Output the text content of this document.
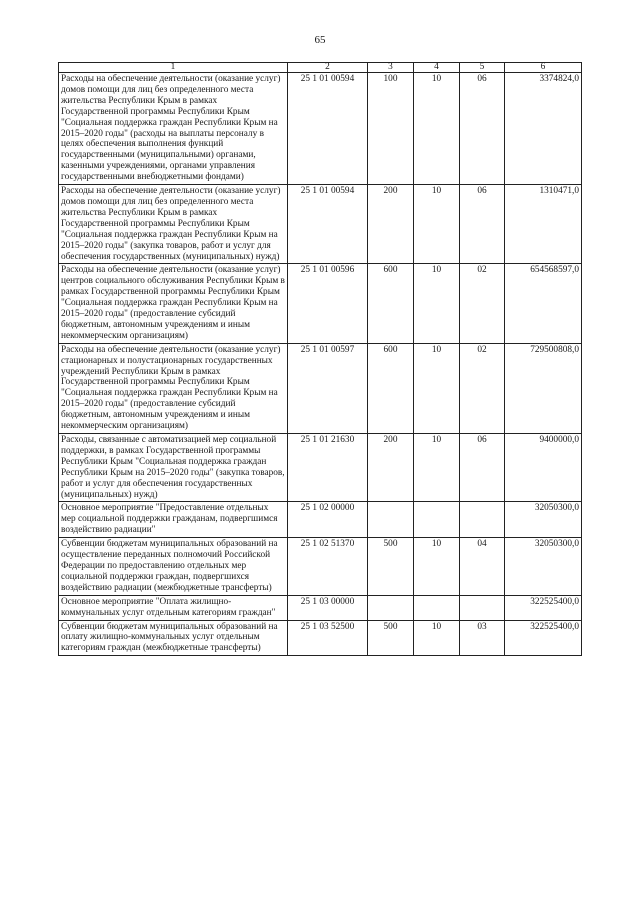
65
1	2	3	4	5	6
Расходы на обеспечение деятельности (оказание услуг) домов помощи для лиц без определенного места жительства Республики Крым в рамках Государственной программы Республики Крым "Социальная поддержка граждан Республики Крым на 2015–2020 годы" (расходы на выплаты персоналу в целях обеспечения выполнения функций государственными (муниципальными) органами, казенными учреждениями, органами управления государственными внебюджетными фондами)	25 1 01 00594	100	10	06	3374824,0
Расходы на обеспечение деятельности (оказание услуг) домов помощи для лиц без определенного места жительства Республики Крым в рамках Государственной программы Республики Крым "Социальная поддержка граждан Республики Крым на 2015–2020 годы" (закупка товаров, работ и услуг для обеспечения государственных (муниципальных) нужд)	25 1 01 00594	200	10	06	1310471,0
Расходы на обеспечение деятельности (оказание услуг) центров социального обслуживания Республики Крым в рамках Государственной программы Республики Крым "Социальная поддержка граждан Республики Крым на 2015–2020 годы" (предоставление субсидий бюджетным, автономным учреждениям и иным некоммерческим организациям)	25 1 01 00596	600	10	02	654568597,0
Расходы на обеспечение деятельности (оказание услуг) стационарных и полустационарных государственных учреждений Республики Крым в рамках Государственной программы Республики Крым "Социальная поддержка граждан Республики Крым на 2015–2020 годы" (предоставление субсидий бюджетным, автономным учреждениям и иным некоммерческим организациям)	25 1 01 00597	600	10	02	729500808,0
Расходы, связанные с автоматизацией мер социальной поддержки, в рамках Государственной программы Республики Крым "Социальная поддержка граждан Республики Крым на 2015–2020 годы" (закупка товаров, работ и услуг для обеспечения государственных (муниципальных) нужд)	25 1 01 21630	200	10	06	9400000,0
Основное мероприятие "Предоставление отдельных мер социальной поддержки гражданам, подвергшимся воздействию радиации"	25 1 02 00000				32050300,0
Субвенции бюджетам муниципальных образований на осуществление переданных полномочий Российской Федерации по предоставлению отдельных мер социальной поддержки граждан, подвергшихся воздействию радиации (межбюджетные трансферты)	25 1 02 51370	500	10	04	32050300,0
Основное мероприятие "Оплата жилищно-коммунальных услуг отдельным категориям граждан"	25 1 03 00000				322525400,0
Субвенции бюджетам муниципальных образований на оплату жилищно-коммунальных услуг отдельным категориям граждан (межбюджетные трансферты)	25 1 03 52500	500	10	03	322525400,0
